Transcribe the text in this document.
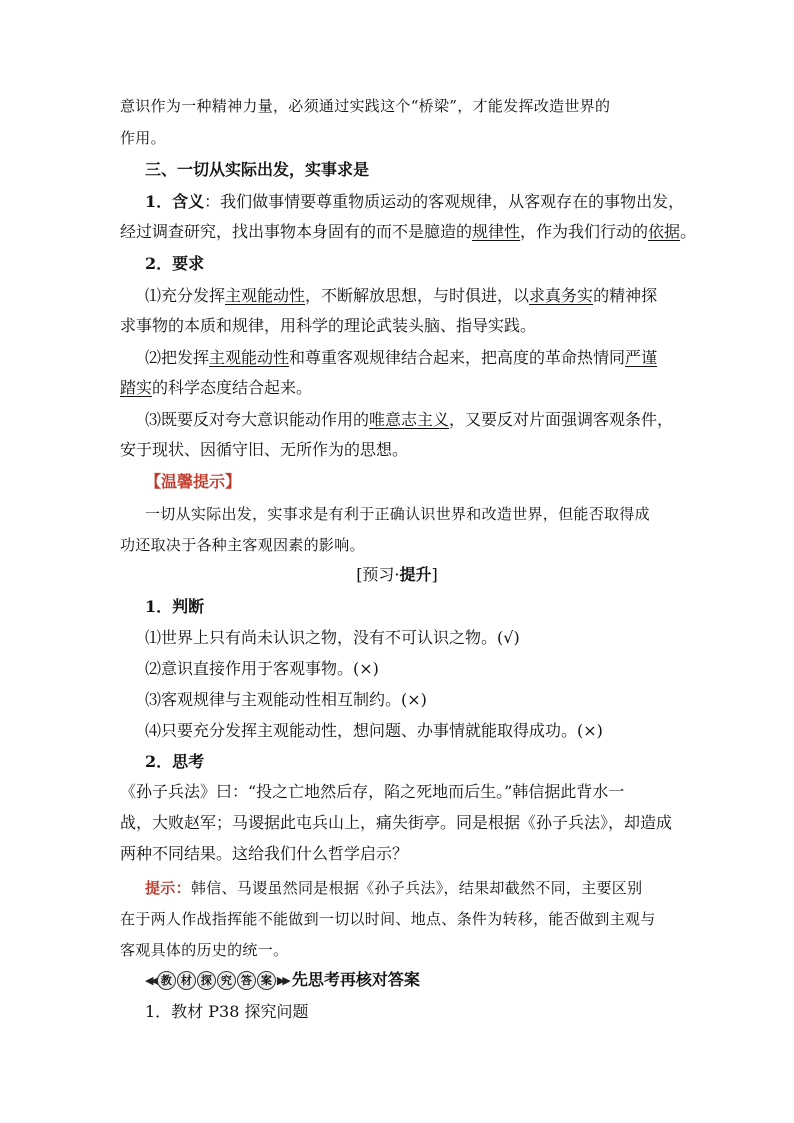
意识作为一种精神力量，必须通过实践这个“桥梁”，才能发挥改造世界的
作用。
三、一切从实际出发，实事求是
1．含义：我们做事情要尊重物质运动的客观规律，从客观存在的事物出发，
经过调查研究，找出事物本身固有的而不是臆造的规律性，作为我们行动的依据。
2．要求
⑴充分发挥主观能动性，不断解放思想，与时俱进，以求真务实的精神探
求事物的本质和规律，用科学的理论武装头脑、指导实践。
⑵把发挥主观能动性和尊重客观规律结合起来，把高度的革命热情同严谨
踏实的科学态度结合起来。
⑶既要反对夸大意识能动作用的唯意志主义，又要反对片面强调客观条件，
安于现状、因循守旧、无所作为的思想。
【温馨提示】
一切从实际出发，实事求是有利于正确认识世界和改造世界，但能否取得成
功还取决于各种主客观因素的影响。
[预习·提升]
1．判断
⑴世界上只有尚未认识之物，没有不可认识之物。(√)
⑵意识直接作用于客观事物。(×)
⑶客观规律与主观能动性相互制约。(×)
⑷只要充分发挥主观能动性，想问题、办事情就能取得成功。(×)
2．思考
《孙子兵法》曰：“投之亡地然后存，陷之死地而后生。”韩信据此背水一
战，大败赵军；马谡据此屯兵山上，痛失街亭。同是根据《孙子兵法》，却造成
两种不同结果。这给我们什么哲学启示？
提示：韩信、马谡虽然同是根据《孙子兵法》，结果却截然不同，主要区别
在于两人作战指挥能不能做到一切以时间、地点、条件为转移，能否做到主观与
客观具体的历史的统一。
◀◀ 教 材 探 究 答 案 ▶▶ 先思考再核对答案
1．教材 P38 探究问题
